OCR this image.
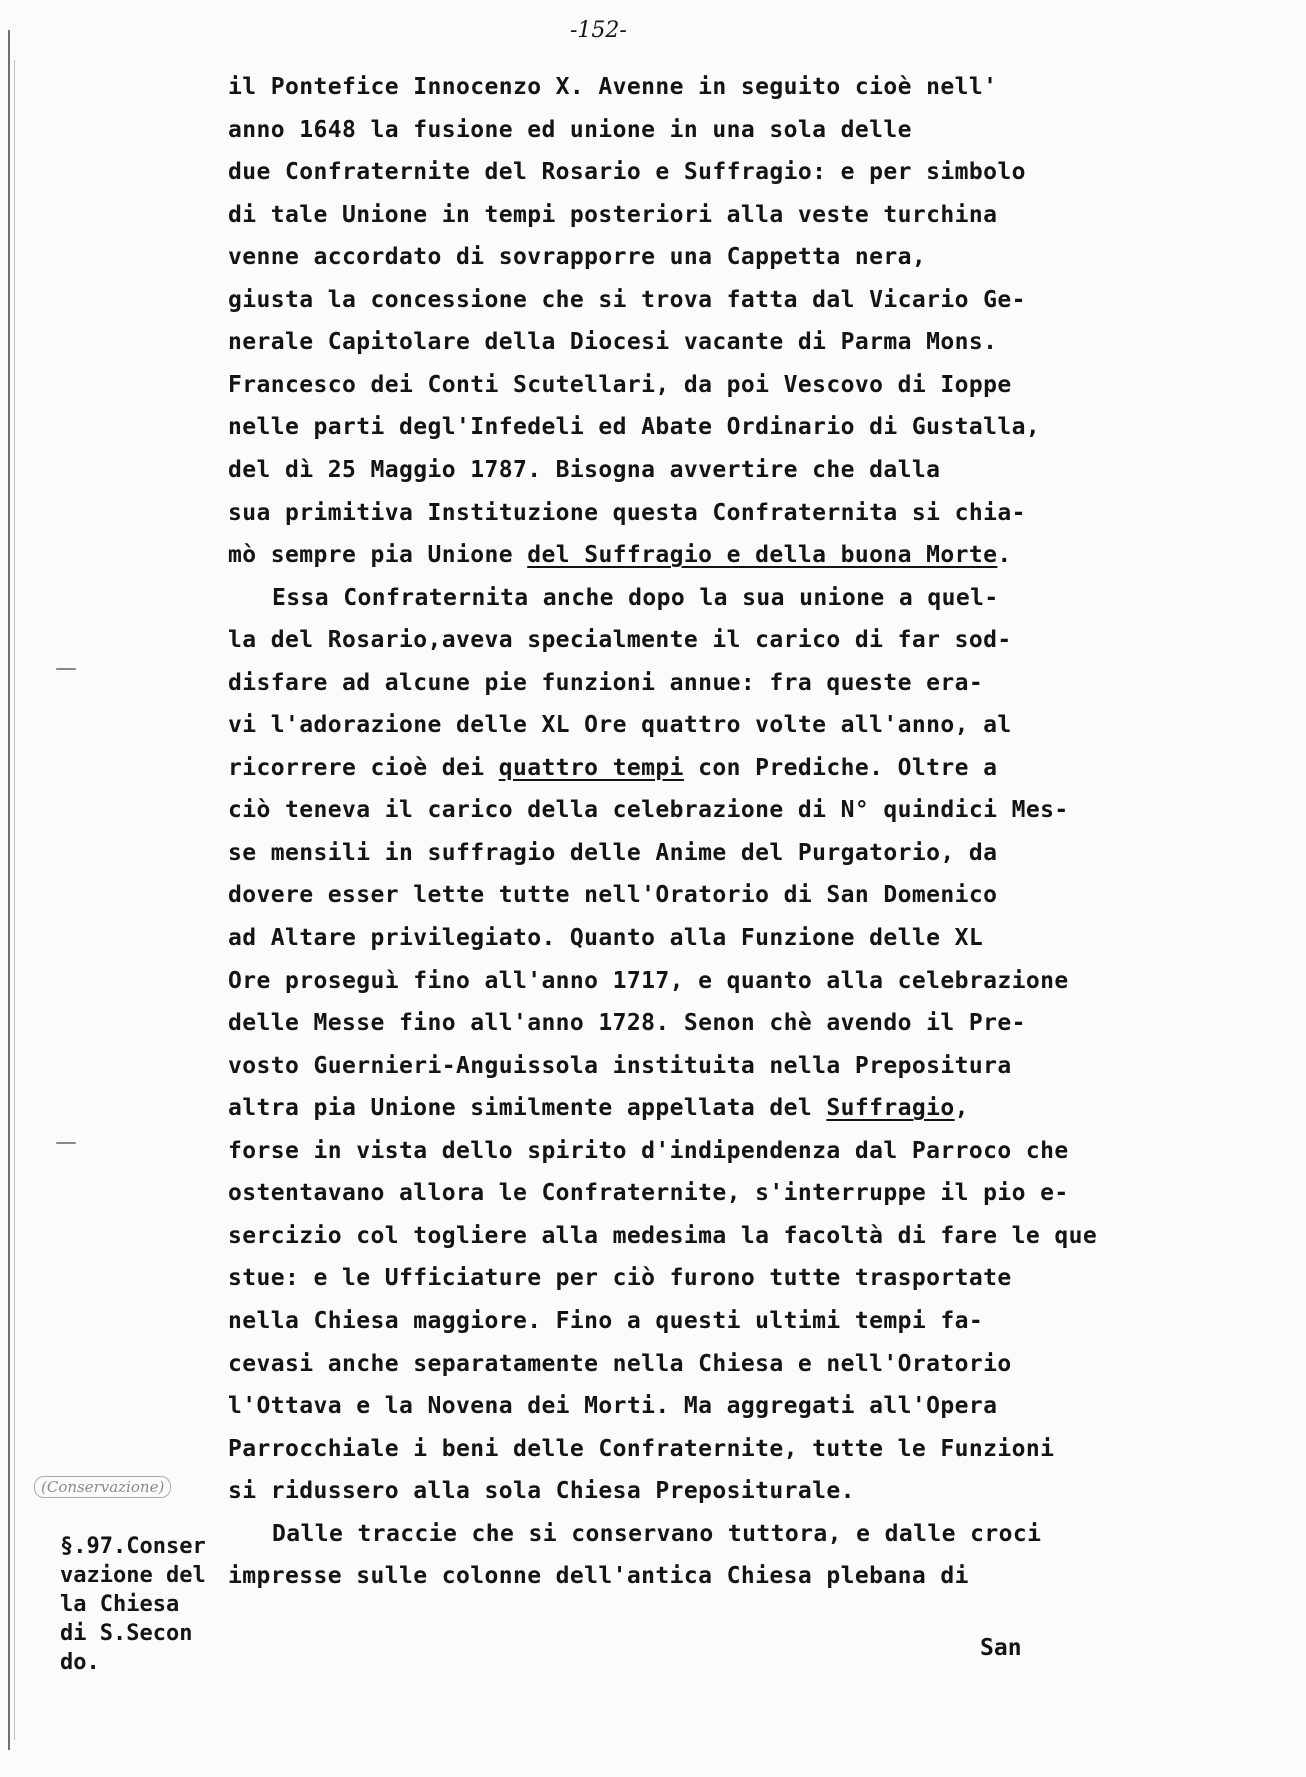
-152-
il Pontefice Innocenzo X. Avenne in seguito cioè nell'
anno 1648 la fusione ed unione in una sola delle
due Confraternite del Rosario e Suffragio: e per simbolo
di tale Unione in tempi posteriori alla veste turchina
venne accordato di sovrapporre una Cappetta nera,
giusta la concessione che si trova fatta dal Vicario Ge-
nerale Capitolare della Diocesi vacante di Parma Mons.
Francesco dei Conti Scutellari, da poi Vescovo di Ioppe
nelle parti degl'Infedeli ed Abate Ordinario di Gustalla,
del dì 25 Maggio 1787. Bisogna avvertire che dalla
sua primitiva Instituzione questa Confraternita si chia-
mò sempre pia Unione del Suffragio e della buona Morte.
Essa Confraternita anche dopo la sua unione a quel-
la del Rosario,aveva specialmente il carico di far sod-
disfare ad alcune pie funzioni annue: fra queste era-
vi l'adorazione delle XL Ore quattro volte all'anno, al
ricorrere cioè dei quattro tempi con Prediche. Oltre a
ciò teneva il carico della celebrazione di N° quindici Mes-
se mensili in suffragio delle Anime del Purgatorio, da
dovere esser lette tutte nell'Oratorio di San Domenico
ad Altare privilegiato. Quanto alla Funzione delle XL
Ore proseguì fino all'anno 1717, e quanto alla celebrazione
delle Messe fino all'anno 1728. Senon chè avendo il Pre-
vosto Guernieri-Anguissola instituita nella Prepositura
altra pia Unione similmente appellata del Suffragio,
forse in vista dello spirito d'indipendenza dal Parroco che
ostentavano allora le Confraternite, s'interruppe il pio e-
sercizio col togliere alla medesima la facoltà di fare le que
stue: e le Ufficiature per ciò furono tutte trasportate
nella Chiesa maggiore. Fino a questi ultimi tempi fa-
cevasi anche separatamente nella Chiesa e nell'Oratorio
l'Ottava e la Novena dei Morti. Ma aggregati all'Opera
Parrocchiale i beni delle Confraternite, tutte le Funzioni
si ridussero alla sola Chiesa Prepositurale.
Dalle traccie che si conservano tuttora, e dalle croci
impresse sulle colonne dell'antica Chiesa plebana di
(Conservazione)
§.97.Conser
vazione del
la Chiesa
di S.Secon
do.
San
